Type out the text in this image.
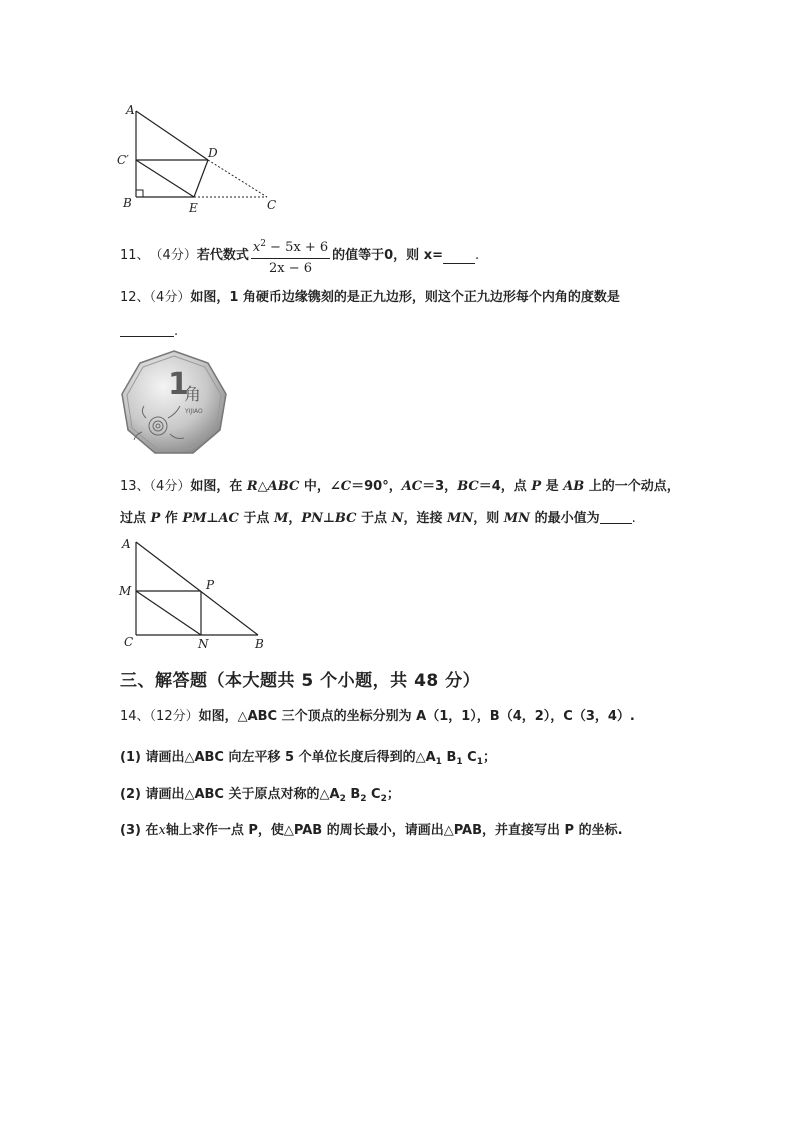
A
C′
B
D
E	C
11、 （4分） 若代数式 $\frac{x^2 - 5x + 6}{2x - 6}$ 的值等于0，则 x= .
12、（4分）如图，1 角硬币边缘镌刻的是正九边形，则这个正九边形每个内角的度数是
.
1
角
YIJIAO
13、（4分）如图，在 R△ABC 中，∠C＝90°，AC＝3，BC＝4，点 P 是 AB 上的一个动点，
过点 P 作 PM⊥AC 于点 M，PN⊥BC 于点 N，连接 MN，则 MN 的最小值为 .
A
M	P
C	N	B
三、解答题（本大题共 5 个小题，共 48 分）
14、（12分）如图，△ABC 三个顶点的坐标分别为 A（1，1），B（4，2），C（3，4）.
(1) 请画出△ABC 向左平移 5 个单位长度后得到的$\triangle A_1$ $B_1$ $C_1$；
(2) 请画出△ABC 关于原点对称的$\triangle A_2$ $B_2$ $C_2$；
(3) 在x轴上求作一点 P，使△PAB 的周长最小，请画出△PAB，并直接写出 P 的坐标.
